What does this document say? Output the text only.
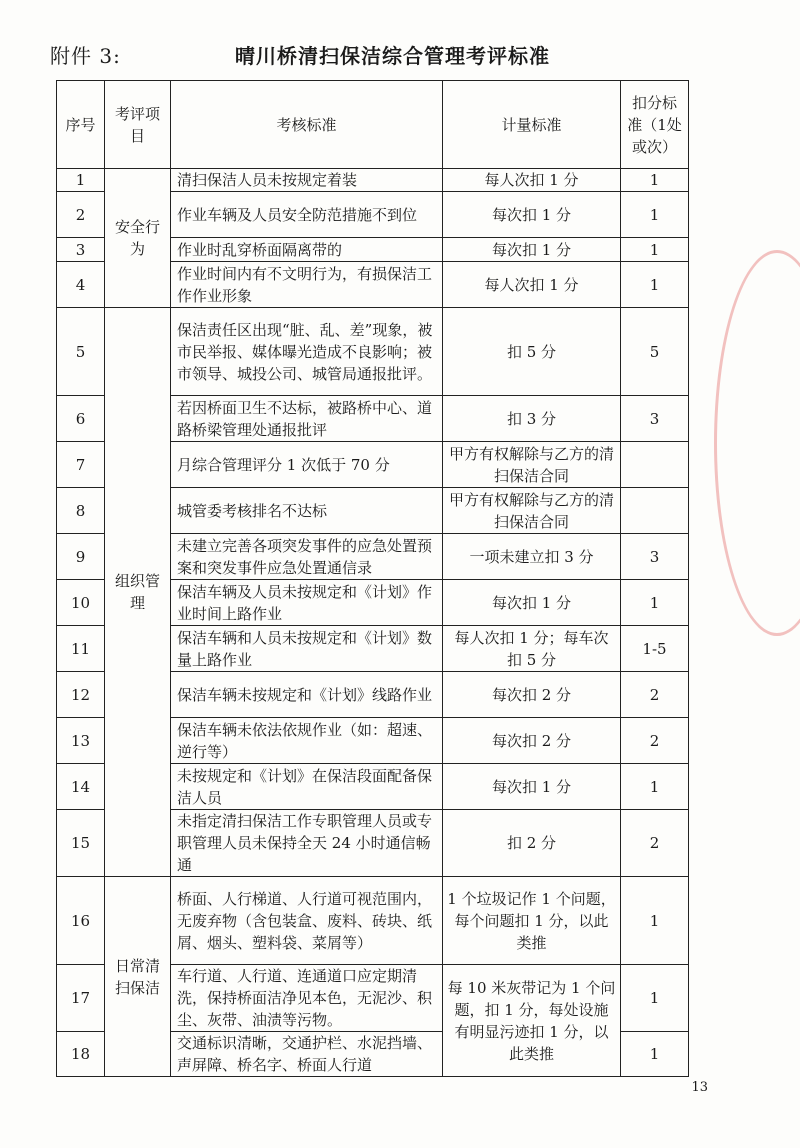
附件 3:	晴川桥清扫保洁综合管理考评标准
序号	考评项目	考核标准	计量标准	扣分标准（1处或次）
1	安全行为	清扫保洁人员未按规定着装	每人次扣 1 分	1
2		作业车辆及人员安全防范措施不到位	每次扣 1 分	1
3		作业时乱穿桥面隔离带的	每次扣 1 分	1
4		作业时间内有不文明行为，有损保洁工作作业形象	每人次扣 1 分	1
5	组织管理	保洁责任区出现“脏、乱、差”现象，被市民举报、媒体曝光造成不良影响；被市领导、城投公司、城管局通报批评。	扣 5 分	5
6		若因桥面卫生不达标，被路桥中心、道路桥梁管理处通报批评	扣 3 分	3
7		月综合管理评分 1 次低于 70 分	甲方有权解除与乙方的清扫保洁合同	
8		城管委考核排名不达标	甲方有权解除与乙方的清扫保洁合同	
9		未建立完善各项突发事件的应急处置预案和突发事件应急处置通信录	一项未建立扣 3 分	3
10		保洁车辆及人员未按规定和《计划》作业时间上路作业	每次扣 1 分	1
11		保洁车辆和人员未按规定和《计划》数量上路作业	每人次扣 1 分；每车次扣 5 分	1-5
12		保洁车辆未按规定和《计划》线路作业	每次扣 2 分	2
13		保洁车辆未依法依规作业（如：超速、逆行等）	每次扣 2 分	2
14		未按规定和《计划》在保洁段面配备保洁人员	每次扣 1 分	1
15		未指定清扫保洁工作专职管理人员或专职管理人员未保持全天 24 小时通信畅通	扣 2 分	2
16	日常清扫保洁	桥面、人行梯道、人行道可视范围内，无废弃物（含包装盒、废料、砖块、纸屑、烟头、塑料袋、菜屑等）	1 个垃圾记作 1 个问题，每个问题扣 1 分，以此类推	1
17		车行道、人行道、连通道口应定期清洗，保持桥面洁净见本色，无泥沙、积尘、灰带、油渍等污物。	每 10 米灰带记为 1 个问题，扣 1 分，每处设施有明显污迹扣 1 分，以此类推	1
18		交通标识清晰，交通护栏、水泥挡墙、声屏障、桥名字、桥面人行道		1
13
